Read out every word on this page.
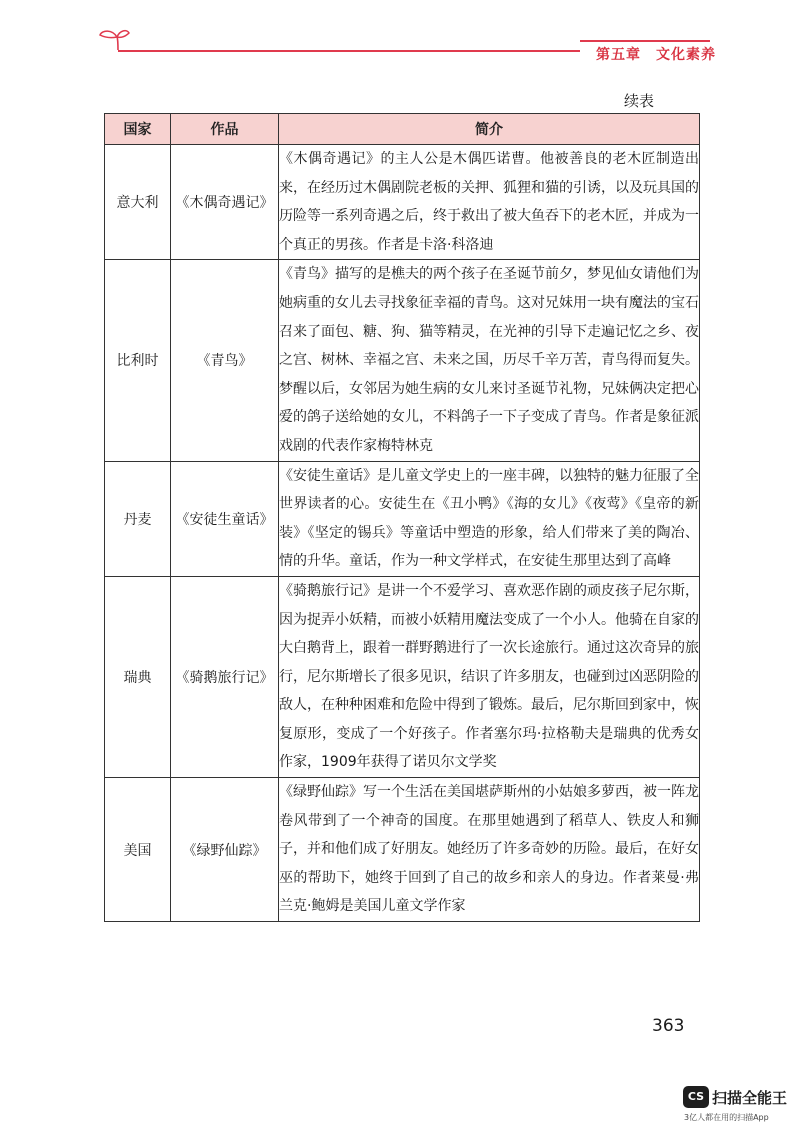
第五章　文化素养
续表
国家	作品	简介
意大利	《木偶奇遇记》	《木偶奇遇记》的主人公是木偶匹诺曹。他被善良的老木匠制造出来，在经历过木偶剧院老板的关押、狐狸和猫的引诱，以及玩具国的历险等一系列奇遇之后，终于救出了被大鱼吞下的老木匠，并成为一个真正的男孩。作者是卡洛·科洛迪
比利时	《青鸟》	《青鸟》描写的是樵夫的两个孩子在圣诞节前夕，梦见仙女请他们为她病重的女儿去寻找象征幸福的青鸟。这对兄妹用一块有魔法的宝石召来了面包、糖、狗、猫等精灵，在光神的引导下走遍记忆之乡、夜之宫、树林、幸福之宫、未来之国，历尽千辛万苦，青鸟得而复失。梦醒以后，女邻居为她生病的女儿来讨圣诞节礼物，兄妹俩决定把心爱的鸽子送给她的女儿，不料鸽子一下子变成了青鸟。作者是象征派戏剧的代表作家梅特林克
丹麦	《安徒生童话》	《安徒生童话》是儿童文学史上的一座丰碑，以独特的魅力征服了全世界读者的心。安徒生在《丑小鸭》《海的女儿》《夜莺》《皇帝的新装》《坚定的锡兵》等童话中塑造的形象，给人们带来了美的陶冶、情的升华。童话，作为一种文学样式，在安徒生那里达到了高峰
瑞典	《骑鹅旅行记》	《骑鹅旅行记》是讲一个不爱学习、喜欢恶作剧的顽皮孩子尼尔斯，因为捉弄小妖精，而被小妖精用魔法变成了一个小人。他骑在自家的大白鹅背上，跟着一群野鹅进行了一次长途旅行。通过这次奇异的旅行，尼尔斯增长了很多见识，结识了许多朋友，也碰到过凶恶阴险的敌人，在种种困难和危险中得到了锻炼。最后，尼尔斯回到家中，恢复原形，变成了一个好孩子。作者塞尔玛·拉格勒夫是瑞典的优秀女作家，1909年获得了诺贝尔文学奖
美国	《绿野仙踪》	《绿野仙踪》写一个生活在美国堪萨斯州的小姑娘多萝西，被一阵龙卷风带到了一个神奇的国度。在那里她遇到了稻草人、铁皮人和狮子，并和他们成了好朋友。她经历了许多奇妙的历险。最后，在好女巫的帮助下，她终于回到了自己的故乡和亲人的身边。作者莱曼·弗兰克·鲍姆是美国儿童文学作家
363
CS 扫描全能王
3亿人都在用的扫描App
